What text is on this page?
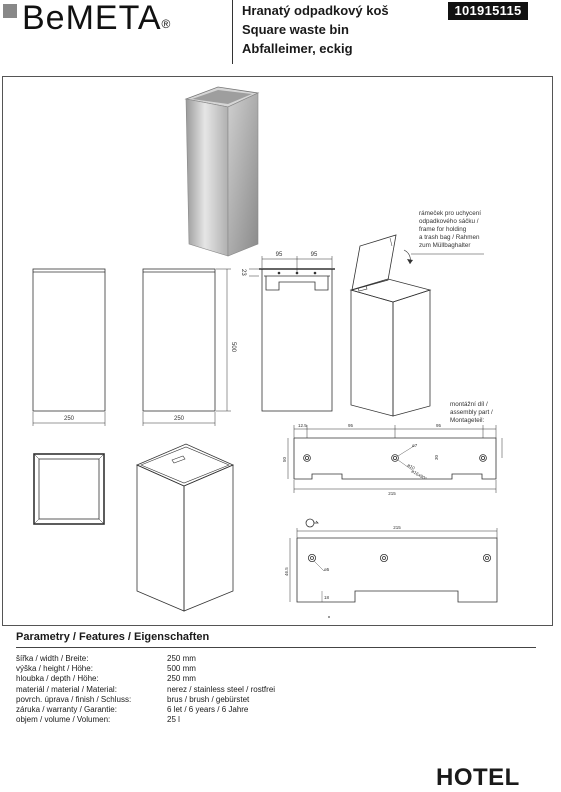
BeMETA®
Hranatý odpadkový koš
Square waste bin
Abfalleimer, eckig
101915115
250	250
500
95	95
23
rámeček pro uchycení
odpadkového sáčku /
frame for holding
a trash bag / Rahmen
zum Müllbaghalter
montážní díl /
assembly part /
Montageteil:
12.5	95	95
50	30
215
ø7
ø10
ø16x90°
215
46.5	ø5
18
Parametry / Features / Eigenschaften
šířka / width / Breite:	250 mm
výška / height / Höhe:	500 mm
hloubka / depth / Höhe:	250 mm
materiál / material / Material:	nerez / stainless steel / rostfrei
povrch. úprava / finish / Schluss:	brus / brush / gebürstet
záruka / warranty / Garantie:	6 let / 6 years / 6 Jahre
objem / volume / Volumen:	25 l
HOTEL
